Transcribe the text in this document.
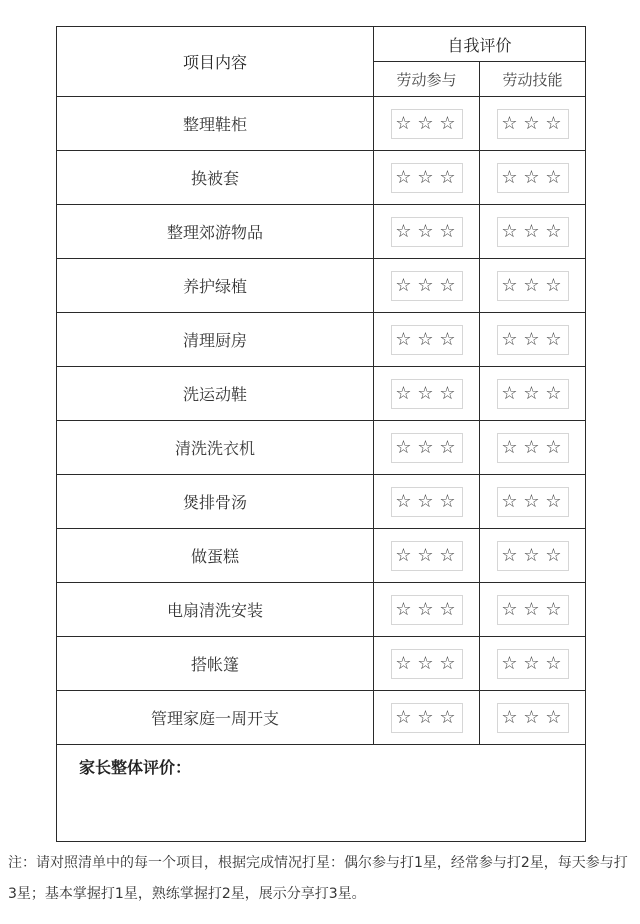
项目内容	自我评价	
	劳动参与	劳动技能
整理鞋柜	☆ ☆ ☆	☆ ☆ ☆
换被套	☆ ☆ ☆	☆ ☆ ☆
整理郊游物品	☆ ☆ ☆	☆ ☆ ☆
养护绿植	☆ ☆ ☆	☆ ☆ ☆
清理厨房	☆ ☆ ☆	☆ ☆ ☆
洗运动鞋	☆ ☆ ☆	☆ ☆ ☆
清洗洗衣机	☆ ☆ ☆	☆ ☆ ☆
煲排骨汤	☆ ☆ ☆	☆ ☆ ☆
做蛋糕	☆ ☆ ☆	☆ ☆ ☆
电扇清洗安装	☆ ☆ ☆	☆ ☆ ☆
搭帐篷	☆ ☆ ☆	☆ ☆ ☆
管理家庭一周开支	☆ ☆ ☆	☆ ☆ ☆

家长整体评价：		
注：请对照清单中的每一个项目，根据完成情况打星：偶尔参与打1星，经常参与打2星，每天参与打3星；基本掌握打1星，熟练掌握打2星，展示分享打3星。
